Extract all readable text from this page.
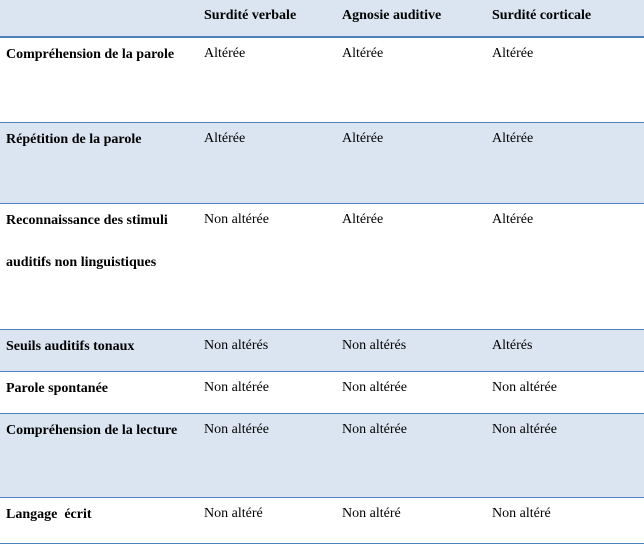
	Surdité verbale	Agnosie auditive	Surdité corticale

Compréhension de la parole	Altérée	Altérée	Altérée

Répétition de la parole	Altérée	Altérée	Altérée

Reconnaissance des stimuli auditifs non linguistiques	Non altérée	Altérée	Altérée

Seuils auditifs tonaux	Non altérés	Non altérés	Altérés

Parole spontanée	Non altérée	Non altérée	Non altérée

Compréhension de la lecture	Non altérée	Non altérée	Non altérée

Langage  écrit	Non altéré	Non altéré	Non altéré
